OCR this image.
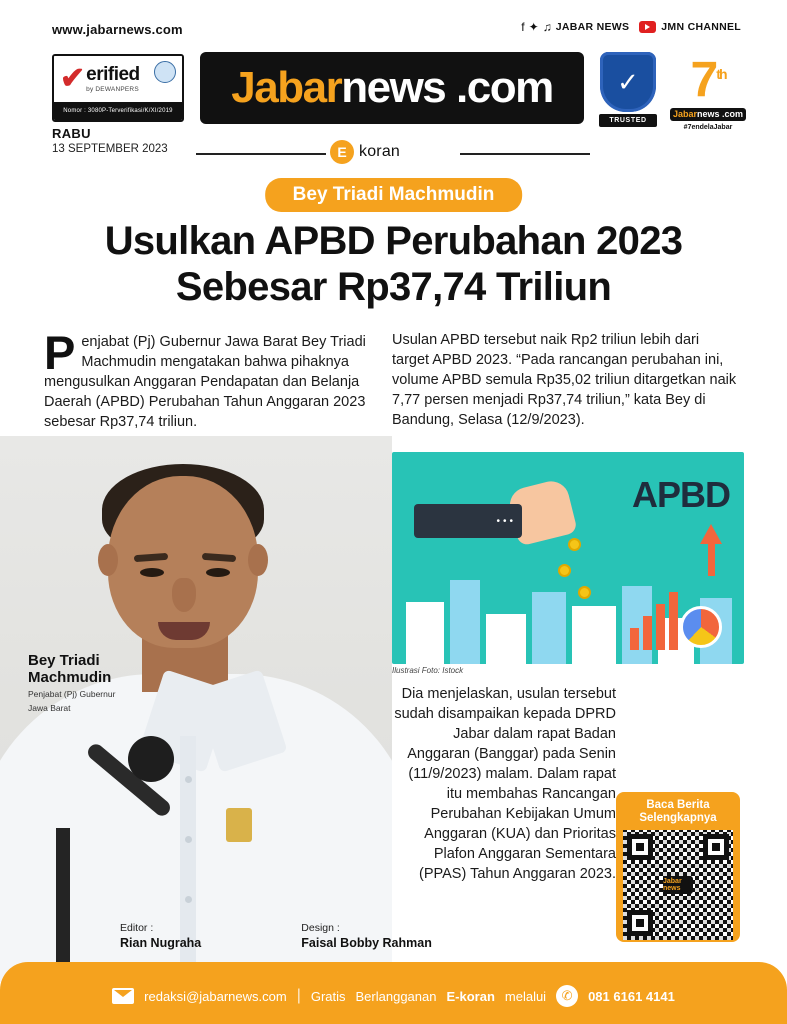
www.jabarnews.com	f ✦ ♫ JABAR NEWS	JMN CHANNEL
✔ erified
by DEWANPERS
Nomor : 3080P-Terverifikasi/K/XI/2019 Jabarnews .com ✓
TRUSTED
7th
Jabarnews .com
#7endelaJabar
RABU
13 SEPTEMBER 2023	E koran
Bey Triadi Machmudin
Usulkan APBD Perubahan 2023
Sebesar Rp37,74 Triliun
Penjabat (Pj) Gubernur Jawa Barat Bey Triadi Machmudin mengatakan bahwa pihaknya mengusulkan Anggaran Pendapatan dan Belanja Daerah (APBD) Perubahan Tahun Anggaran 2023 sebesar Rp37,74 triliun.
Usulan APBD tersebut naik Rp2 triliun lebih dari target APBD 2023. “Pada rancangan perubahan ini, volume APBD semula Rp35,02 triliun ditargetkan naik 7,77 persen menjadi Rp37,74 triliun,” kata Bey di Bandung, Selasa (12/9/2023).
APBD
•••
Ilustrasi Foto: Istock
Dia menjelaskan, usulan tersebut sudah disampaikan kepada DPRD Jabar dalam rapat Badan Anggaran (Banggar) pada Senin (11/9/2023) malam. Dalam rapat itu membahas Rancangan Perubahan Kebijakan Umum Anggaran (KUA) dan Prioritas Plafon Anggaran Sementara (PPAS) Tahun Anggaran 2023.
Bey Triadi
Machmudin
Penjabat (Pj) Gubernur
Jawa Barat
Baca Berita
Selengkapnya
Jabar news
Editor :
Rian Nugraha
Design :
Faisal Bobby Rahman
redaksi@jabarnews.com | Gratis Berlangganan E-koran melalui	✆	081 6161 4141
